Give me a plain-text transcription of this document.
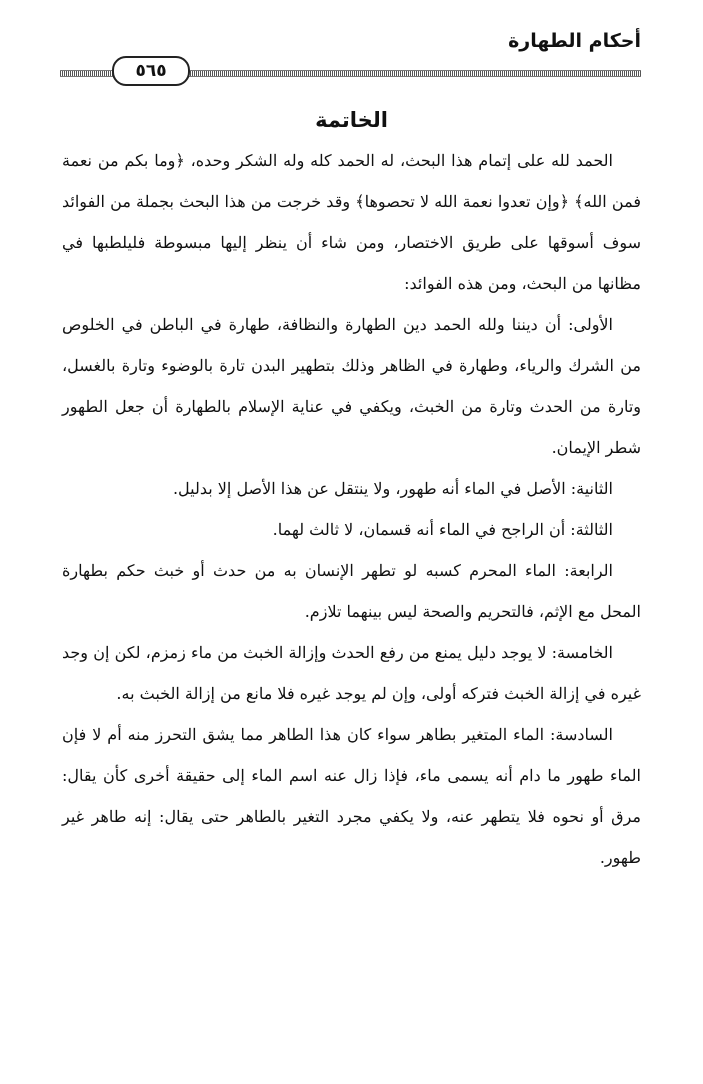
أحكام الطهارة
٥٦٥
الخاتمة

الحمد لله على إتمام هذا البحث، له الحمد كله وله الشكر وحده، ﴿وما بكم من نعمة فمن الله﴾ ﴿وإن تعدوا نعمة الله لا تحصوها﴾ وقد خرجت من هذا البحث بجملة من الفوائد سوف أسوقها على طريق الاختصار، ومن شاء أن ينظر إليها مبسوطة فليلطبها في مظانها من البحث، ومن هذه الفوائد:

الأولى: أن ديننا ولله الحمد دين الطهارة والنظافة، طهارة في الباطن في الخلوص من الشرك والرياء، وطهارة في الظاهر وذلك بتطهير البدن تارة بالوضوء وتارة بالغسل، وتارة من الحدث وتارة من الخبث، ويكفي في عناية الإسلام بالطهارة أن جعل الطهور شطر الإيمان.

الثانية: الأصل في الماء أنه طهور، ولا ينتقل عن هذا الأصل إلا بدليل.

الثالثة: أن الراجح في الماء أنه قسمان، لا ثالث لهما.

الرابعة: الماء المحرم كسبه لو تطهر الإنسان به من حدث أو خبث حكم بطهارة المحل مع الإثم، فالتحريم والصحة ليس بينهما تلازم.

الخامسة: لا يوجد دليل يمنع من رفع الحدث وإزالة الخبث من ماء زمزم، لكن إن وجد غيره في إزالة الخبث فتركه أولى، وإن لم يوجد غيره فلا مانع من إزالة الخبث به.

السادسة: الماء المتغير بطاهر سواء كان هذا الطاهر مما يشق التحرز منه أم لا فإن الماء طهور ما دام أنه يسمى ماء، فإذا زال عنه اسم الماء إلى حقيقة أخرى كأن يقال: مرق أو نحوه فلا يتطهر عنه، ولا يكفي مجرد التغير بالطاهر حتى يقال: إنه طاهر غير طهور.
